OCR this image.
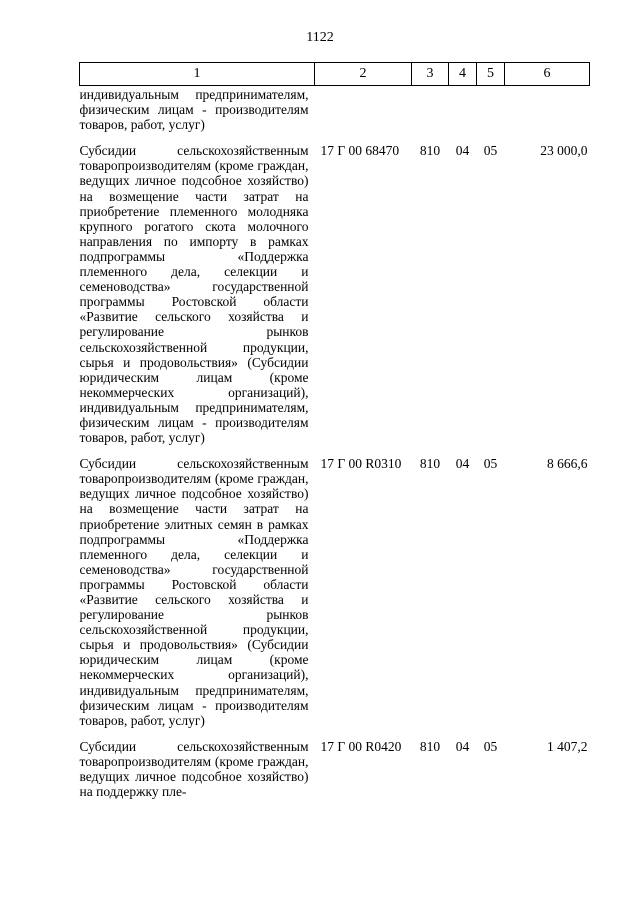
1122
1	2	3	4	5	6
индивидуальным предпринимателям, физическим лицам - производителям товаров, работ, услуг)					
Субсидии сельскохозяйственным товаропроизводителям (кроме граждан, ведущих личное подсобное хозяйство) на возмещение части затрат на приобретение племенного молодняка крупного рогатого скота молочного направления по импорту в рамках подпрограммы «Поддержка племенного дела, селекции и семеноводства» государственной программы Ростовской области «Развитие сельского хозяйства и регулирование рынков сельскохозяйственной продукции, сырья и продовольствия» (Субсидии юридическим лицам (кроме некоммерческих организаций), индивидуальным предпринимателям, физическим лицам - производителям товаров, работ, услуг)	17 Г 00 68470	810	04	05	23 000,0
Субсидии сельскохозяйственным товаропроизводителям (кроме граждан, ведущих личное подсобное хозяйство) на возмещение части затрат на приобретение элитных семян в рамках подпрограммы «Поддержка племенного дела, селекции и семеноводства» государственной программы Ростовской области «Развитие сельского хозяйства и регулирование рынков сельскохозяйственной продукции, сырья и продовольствия» (Субсидии юридическим лицам (кроме некоммерческих организаций), индивидуальным предпринимателям, физическим лицам - производителям товаров, работ, услуг)	17 Г 00 R0310	810	04	05	8 666,6
Субсидии сельскохозяйственным товаропроизводителям (кроме граждан, ведущих личное подсобное хозяйство) на поддержку пле-	17 Г 00 R0420	810	04	05	1 407,2
